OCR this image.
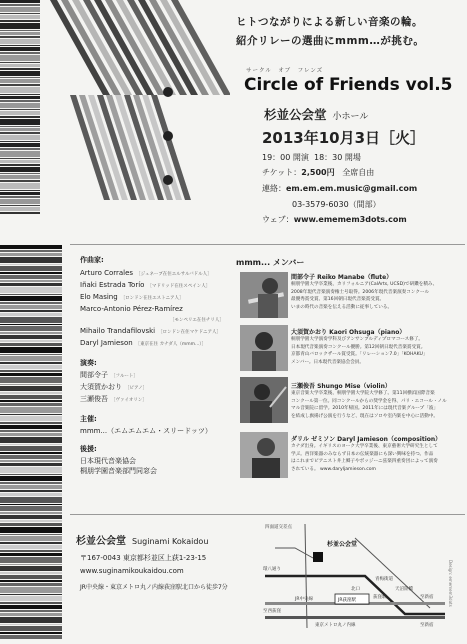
ヒトつながりによる新しい音楽の輪。
紹介リレーの選曲にmmm…が挑む。
サークル　オブ　フレンズ
Circle of Friends vol.5
杉並公会堂 小ホール
2013年10月3日［火］
19：00 開演 18：30 開場
チケット：2,500円 全席自由
連絡：em.em.em.music@gmail.com
03-3579-6030（間部）
ウェブ：www.ememem3dots.com
作曲家:
Arturo Corrales ［ジュネーブ在住エルサルバドル人］
Iñaki Estrada Torío ［マドリッド在住スペイン人］
Elo Masing ［ロンドン在住エストニア人］
Marco-Antonio Pérez-Ramírez
［モンペリエ在住チリ人］
Mihailo Trandafilovski ［ロンドン在住マケドニア人］
Daryl Jamieson ［東京在住 カナダ人（mmm...）］
演奏:
間部令子 ［フルート］
大須賀かおり ［ピアノ］
三瀬俊吾 ［ヴァイオリン］
主催:
mmm...（エムエムエム・スリードッツ）
後援:
日本現代音楽協会
桐朋学園音楽部門同窓会
mmm... メンバー
間部令子 Reiko Manabe（flute）
桐朋学園大学卒業後、カリフォルニア(CalArts, UCSD)で研鑽を積み、
2008年現代音楽演奏権士号取得。2006年現代音楽演奏コンクール
最優秀賞受賞、第16回朝日現代音楽賞受賞。
いまの時代の音楽を伝える活動に従事している。
大須賀かおり Kaori Ohsuga（piano）
桐朋学園大学演奏学科及びアンサンブルディプロマコース修了。
日本現代音楽演奏コンクール優勝。第12回朝日現代音楽賞受賞。
京都青山バロックザール賞受賞。「リレーション7.0」「KOHAKU」
メンバー。日本現代音楽協会会員。
三瀬俊吾 Shungo Mise（violin）
東京音楽大学卒業後、桐朋学園大学院大学修了。第11回横浜国際音楽
コンクール第一位。同コンクールからの奨学金を得、パリ・エコール・ノル
マル音楽院に留学。2010年帰国。2011年には現代音楽グループ「波」
を結成し旗揚げ公演を行うなど、現在はソロや室内楽を中心に活動中。
ダリル ゼミソン Daryl Jamieson（composition）
カナダ出身。イギリスのヨーク大学卒業後、東京藝術大学研究生として
学ぶ。西洋楽器のみならず日本の伝統楽器にも深い興味を持つ。作品
はこれまでピアニスト井上郷子やボッジーニ弦楽四重奏団によって演奏
されている。 www.daryljamieson.com
杉並公会堂 Suginami Kokaidou
〒167-0043 東京都杉並区上荻1-23-15
www.suginamikoukaidou.com
JR中央線・東京メトロ丸ノ内線荻窪駅北口から徒歩7分
杉並公会堂
四面道交差点
環八通り
青梅街道
天沼陸橋
荻窪駅
JR荻窪駅
JR中央線
東京メトロ丸ノ内線
北口
至西荻窪
至新宿
至新宿
Design: ememem3dots
